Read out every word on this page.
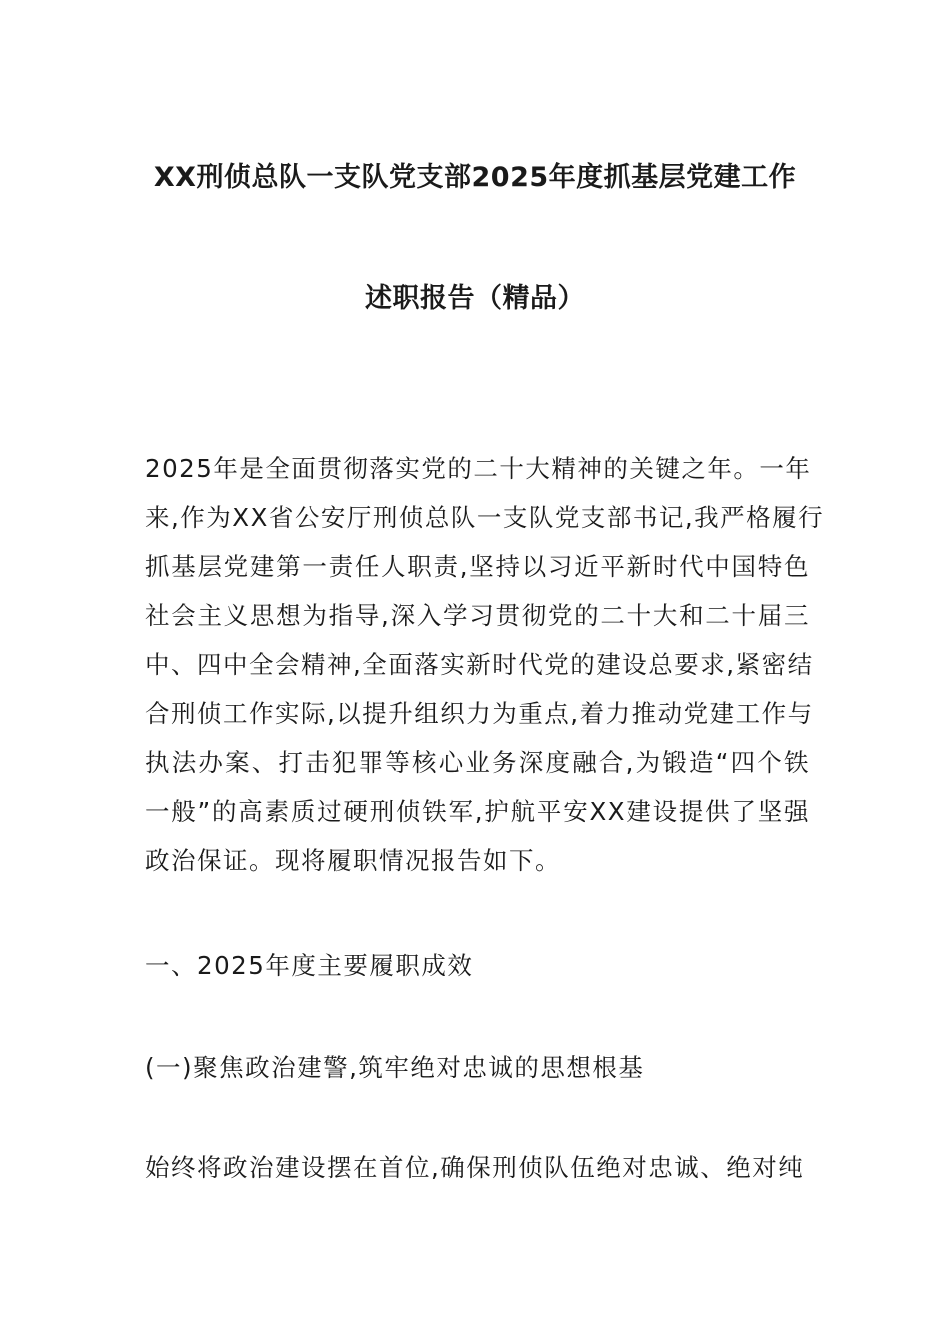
XX刑侦总队一支队党支部2025年度抓基层党建工作
述职报告（精品）
2025年是全面贯彻落实党的二十大精神的关键之年。一年
来,作为XX省公安厅刑侦总队一支队党支部书记,我严格履行
抓基层党建第一责任人职责,坚持以习近平新时代中国特色
社会主义思想为指导,深入学习贯彻党的二十大和二十届三
中、四中全会精神,全面落实新时代党的建设总要求,紧密结
合刑侦工作实际,以提升组织力为重点,着力推动党建工作与
执法办案、打击犯罪等核心业务深度融合,为锻造“四个铁
一般”的高素质过硬刑侦铁军,护航平安XX建设提供了坚强
政治保证。现将履职情况报告如下。
一、2025年度主要履职成效
(一)聚焦政治建警,筑牢绝对忠诚的思想根基
始终将政治建设摆在首位,确保刑侦队伍绝对忠诚、绝对纯
